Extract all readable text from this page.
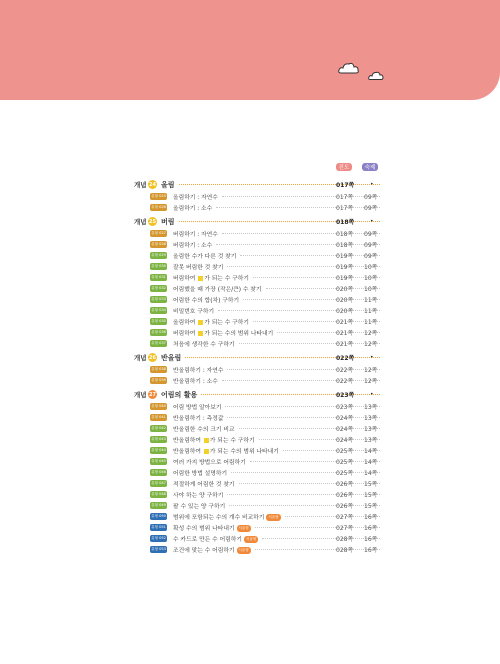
진도	숙제
개념 24 올림	017쪽	•
유형 025 올림하기 : 자연수	017쪽 09쪽
유형 026 올림하기 : 소수	017쪽 09쪽
개념 25 버림	018쪽	•
유형 027 버림하기 : 자연수	018쪽 09쪽
유형 028 버림하기 : 소수	018쪽 09쪽
유형 029 올림한 수가 다른 것 찾기	019쪽 09쪽
유형 030 잘못 버림한 것 찾기	019쪽 10쪽
유형 031 버림하여 가 되는 수 구하기	019쪽 10쪽
유형 032 어림했을 때 가장 (작은/큰) 수 찾기	020쪽 10쪽
유형 033 어림한 수의 합(차) 구하기	020쪽 11쪽
유형 034 비밀번호 구하기	020쪽 11쪽
유형 035 올림하여 가 되는 수 구하기	021쪽 11쪽
유형 036 버림하여 가 되는 수의 범위 나타내기	021쪽 12쪽
유형 037 처음에 생각한 수 구하기	021쪽 12쪽
개념 26 반올림	022쪽	•
유형 038 반올림하기 : 자연수	022쪽 12쪽
유형 039 반올림하기 : 소수	022쪽 12쪽
개념 27 어림의 활용	023쪽	•
유형 040 어림 방법 알아보기	023쪽 13쪽
유형 041 반올림하기 : 측정값	024쪽 13쪽
유형 042 반올림한 수의 크기 비교	024쪽 13쪽
유형 043 반올림하여 가 되는 수 구하기	024쪽 13쪽
유형 044 반올림하여 가 되는 수의 범위 나타내기	025쪽 14쪽
유형 045 여러 가지 방법으로 어림하기	025쪽 14쪽
유형 046 어림한 방법 설명하기	025쪽 14쪽
유형 047 적절하게 어림한 것 찾기	026쪽 15쪽
유형 048 사야 하는 양 구하기	026쪽 15쪽
유형 049 팔 수 있는 양 구하기	026쪽 15쪽
유형 050 범위에 포함되는 수의 개수 비교하기 서술형	027쪽 16쪽
유형 051 확성 수의 범위 나타내기 서술형	027쪽 16쪽
유형 052 수 카드로 만든 수 어림하기 서술형	028쪽 16쪽
유형 053 조건에 맞는 수 어림하기 서술형	028쪽 16쪽
